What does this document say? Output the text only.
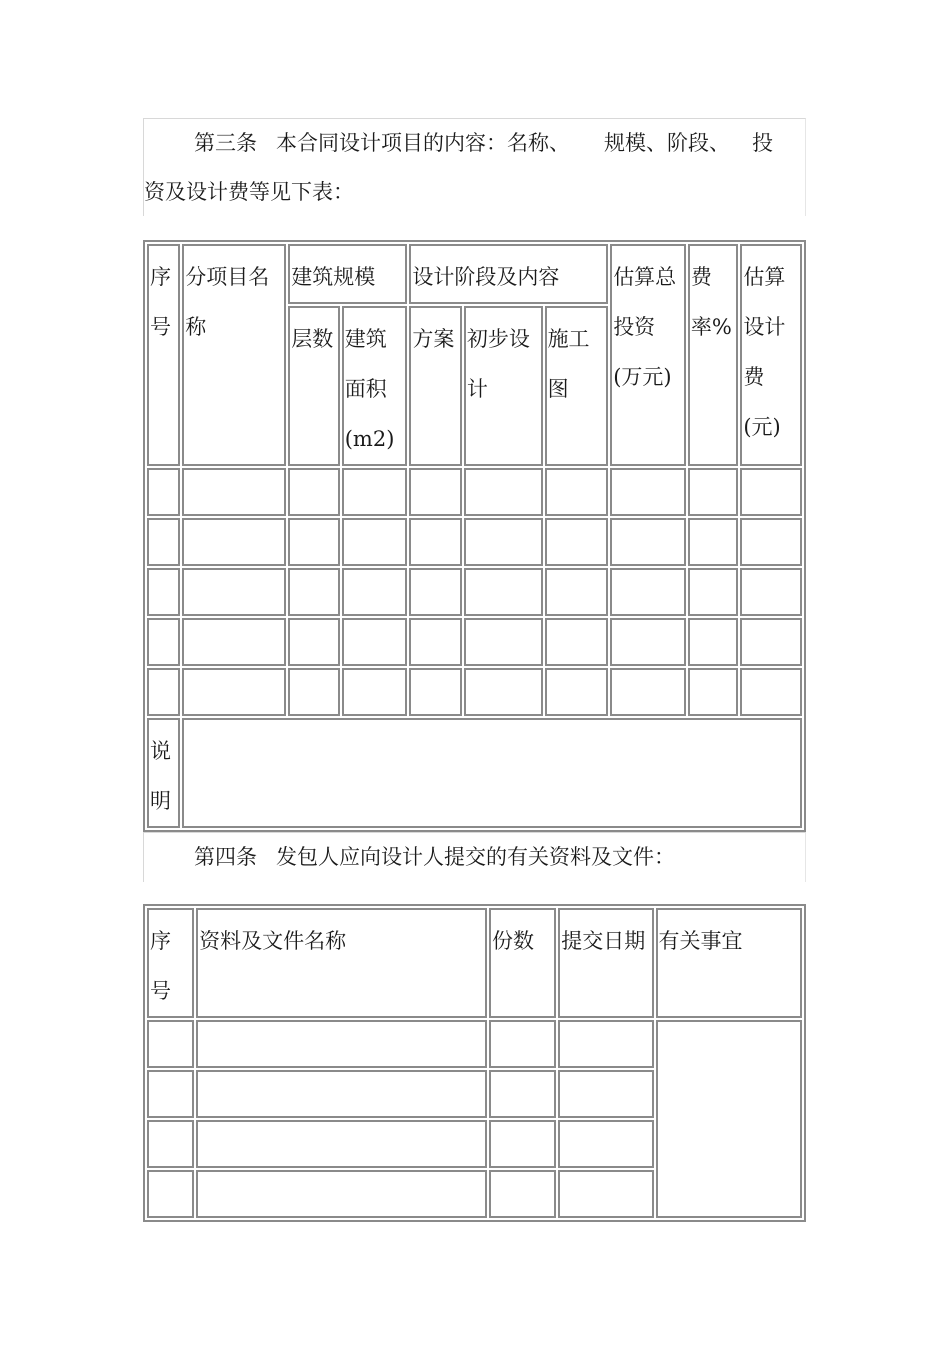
第三条 本合同设计项目的内容：名称、 规模、阶段、 投
资及设计费等见下表：
序号	分项目名称	建筑规模		设计阶段及内容			估算总投资(万元)	费率%	估算设计费(元)
		层数	建筑面积(m2)	方案	初步设计	施工图			

说明									
第四条 发包人应向设计人提交的有关资料及文件：
序号	资料及文件名称	份数	提交日期	有关事宜
